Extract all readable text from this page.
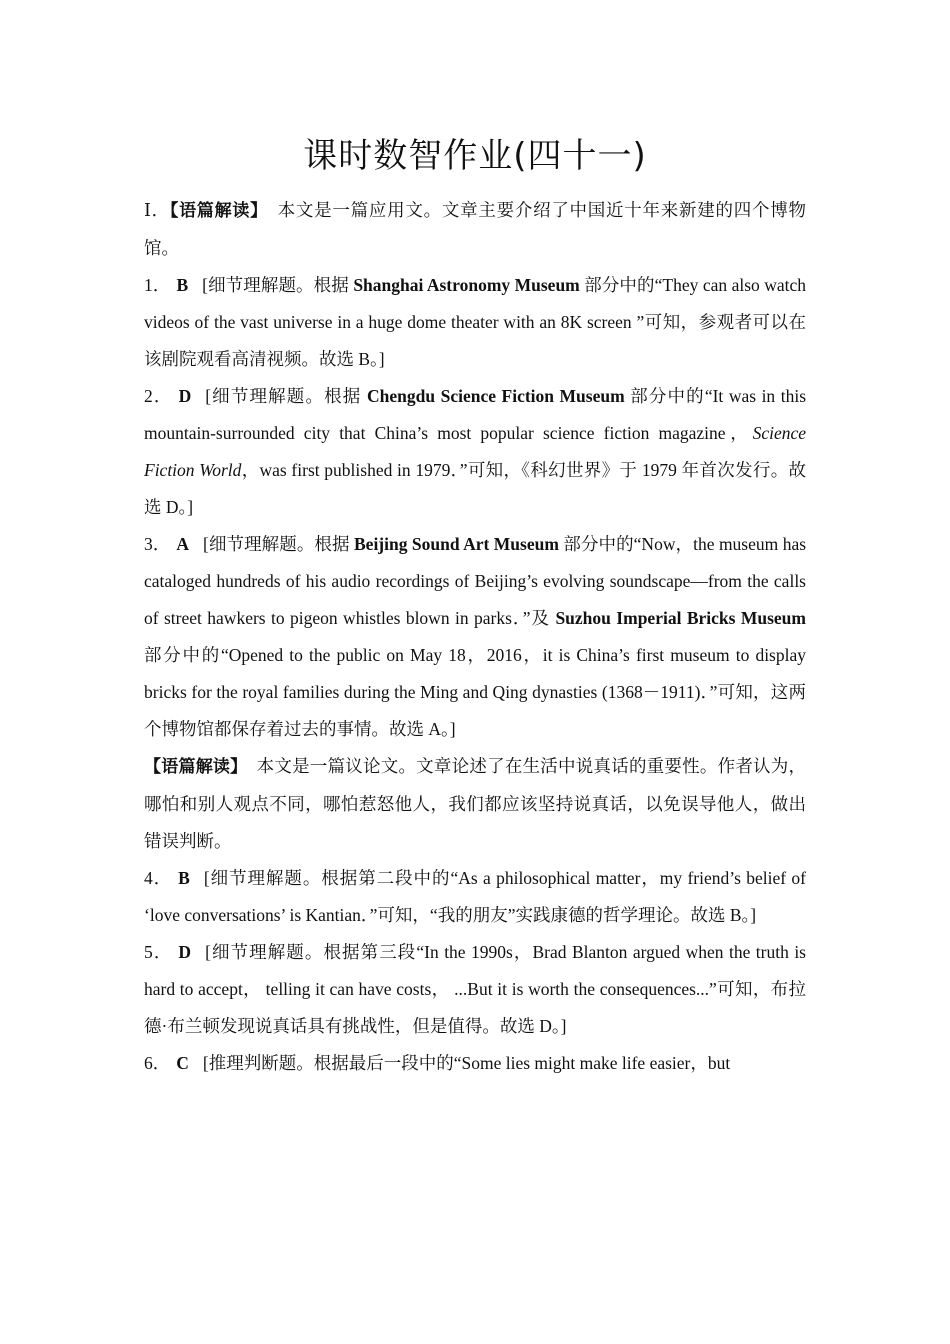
课时数智作业(四十一)

Ⅰ．【语篇解读】　本文是一篇应用文。文章主要介绍了中国近十年来新建的四个博物馆。

1． B [细节理解题。根据 Shanghai Astronomy Museum 部分中的“They can also watch videos of the vast universe in a huge dome theater with an 8K screen ”可知，参观者可以在该剧院观看高清视频。故选 B。]

2． D [细节理解题。根据 Chengdu Science Fiction Museum 部分中的“It was in this mountain-surrounded city that China’s most popular science fiction magazine，Science Fiction World，was first published in 1979．”可知，《科幻世界》于 1979 年首次发行。故选 D。]

3． A [细节理解题。根据 Beijing Sound Art Museum 部分中的“Now，the museum has cataloged hundreds of his audio recordings of Beijing’s evolving soundscape—from the calls of street hawkers to pigeon whistles blown in parks．”及 Suzhou Imperial Bricks Museum 部分中的“Opened to the public on May 18，2016，it is China’s first museum to display bricks for the royal families during the Ming and Qing dynasties (1368－1911)．”可知，这两个博物馆都保存着过去的事情。故选 A。]

【语篇解读】　本文是一篇议论文。文章论述了在生活中说真话的重要性。作者认为，哪怕和别人观点不同，哪怕惹怒他人，我们都应该坚持说真话，以免误导他人，做出错误判断。

4． B [细节理解题。根据第二段中的“As a philosophical matter，my friend’s belief of ‘love conversations’ is Kantian．”可知，“我的朋友”实践康德的哲学理论。故选 B。]

5． D [细节理解题。根据第三段“In the 1990s，Brad Blanton argued when the truth is hard to accept， telling it can have costs， ...But it is worth the consequences...”可知，布拉德·布兰顿发现说真话具有挑战性，但是值得。故选 D。]

6． C [推理判断题。根据最后一段中的“Some lies might make life easier，but
